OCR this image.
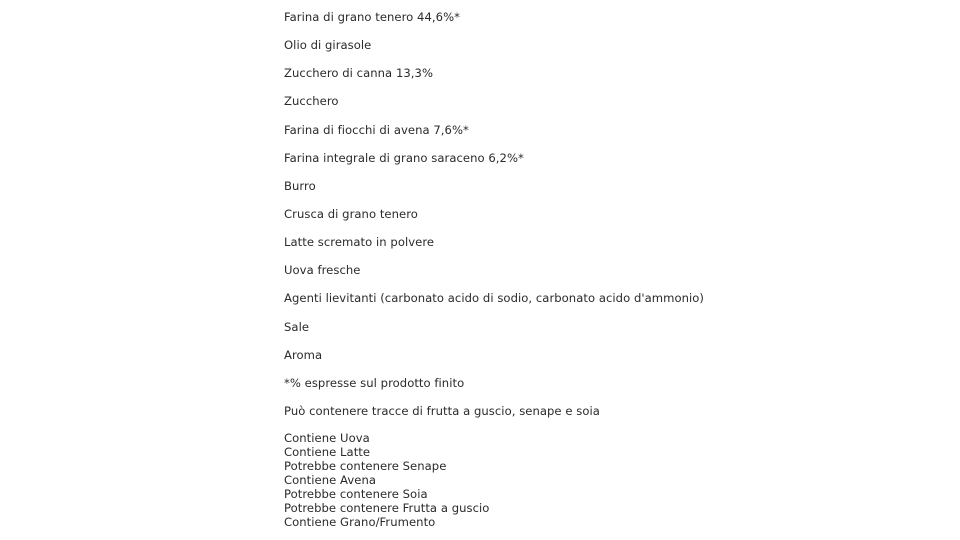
Farina di grano tenero 44,6%*
Olio di girasole
Zucchero di canna 13,3%
Zucchero
Farina di fiocchi di avena 7,6%*
Farina integrale di grano saraceno 6,2%*
Burro
Crusca di grano tenero
Latte scremato in polvere
Uova fresche
Agenti lievitanti (carbonato acido di sodio, carbonato acido d'ammonio)
Sale
Aroma
*% espresse sul prodotto finito
Può contenere tracce di frutta a guscio, senape e soia
Contiene Uova
Contiene Latte
Potrebbe contenere Senape
Contiene Avena
Potrebbe contenere Soia
Potrebbe contenere Frutta a guscio
Contiene Grano/Frumento
